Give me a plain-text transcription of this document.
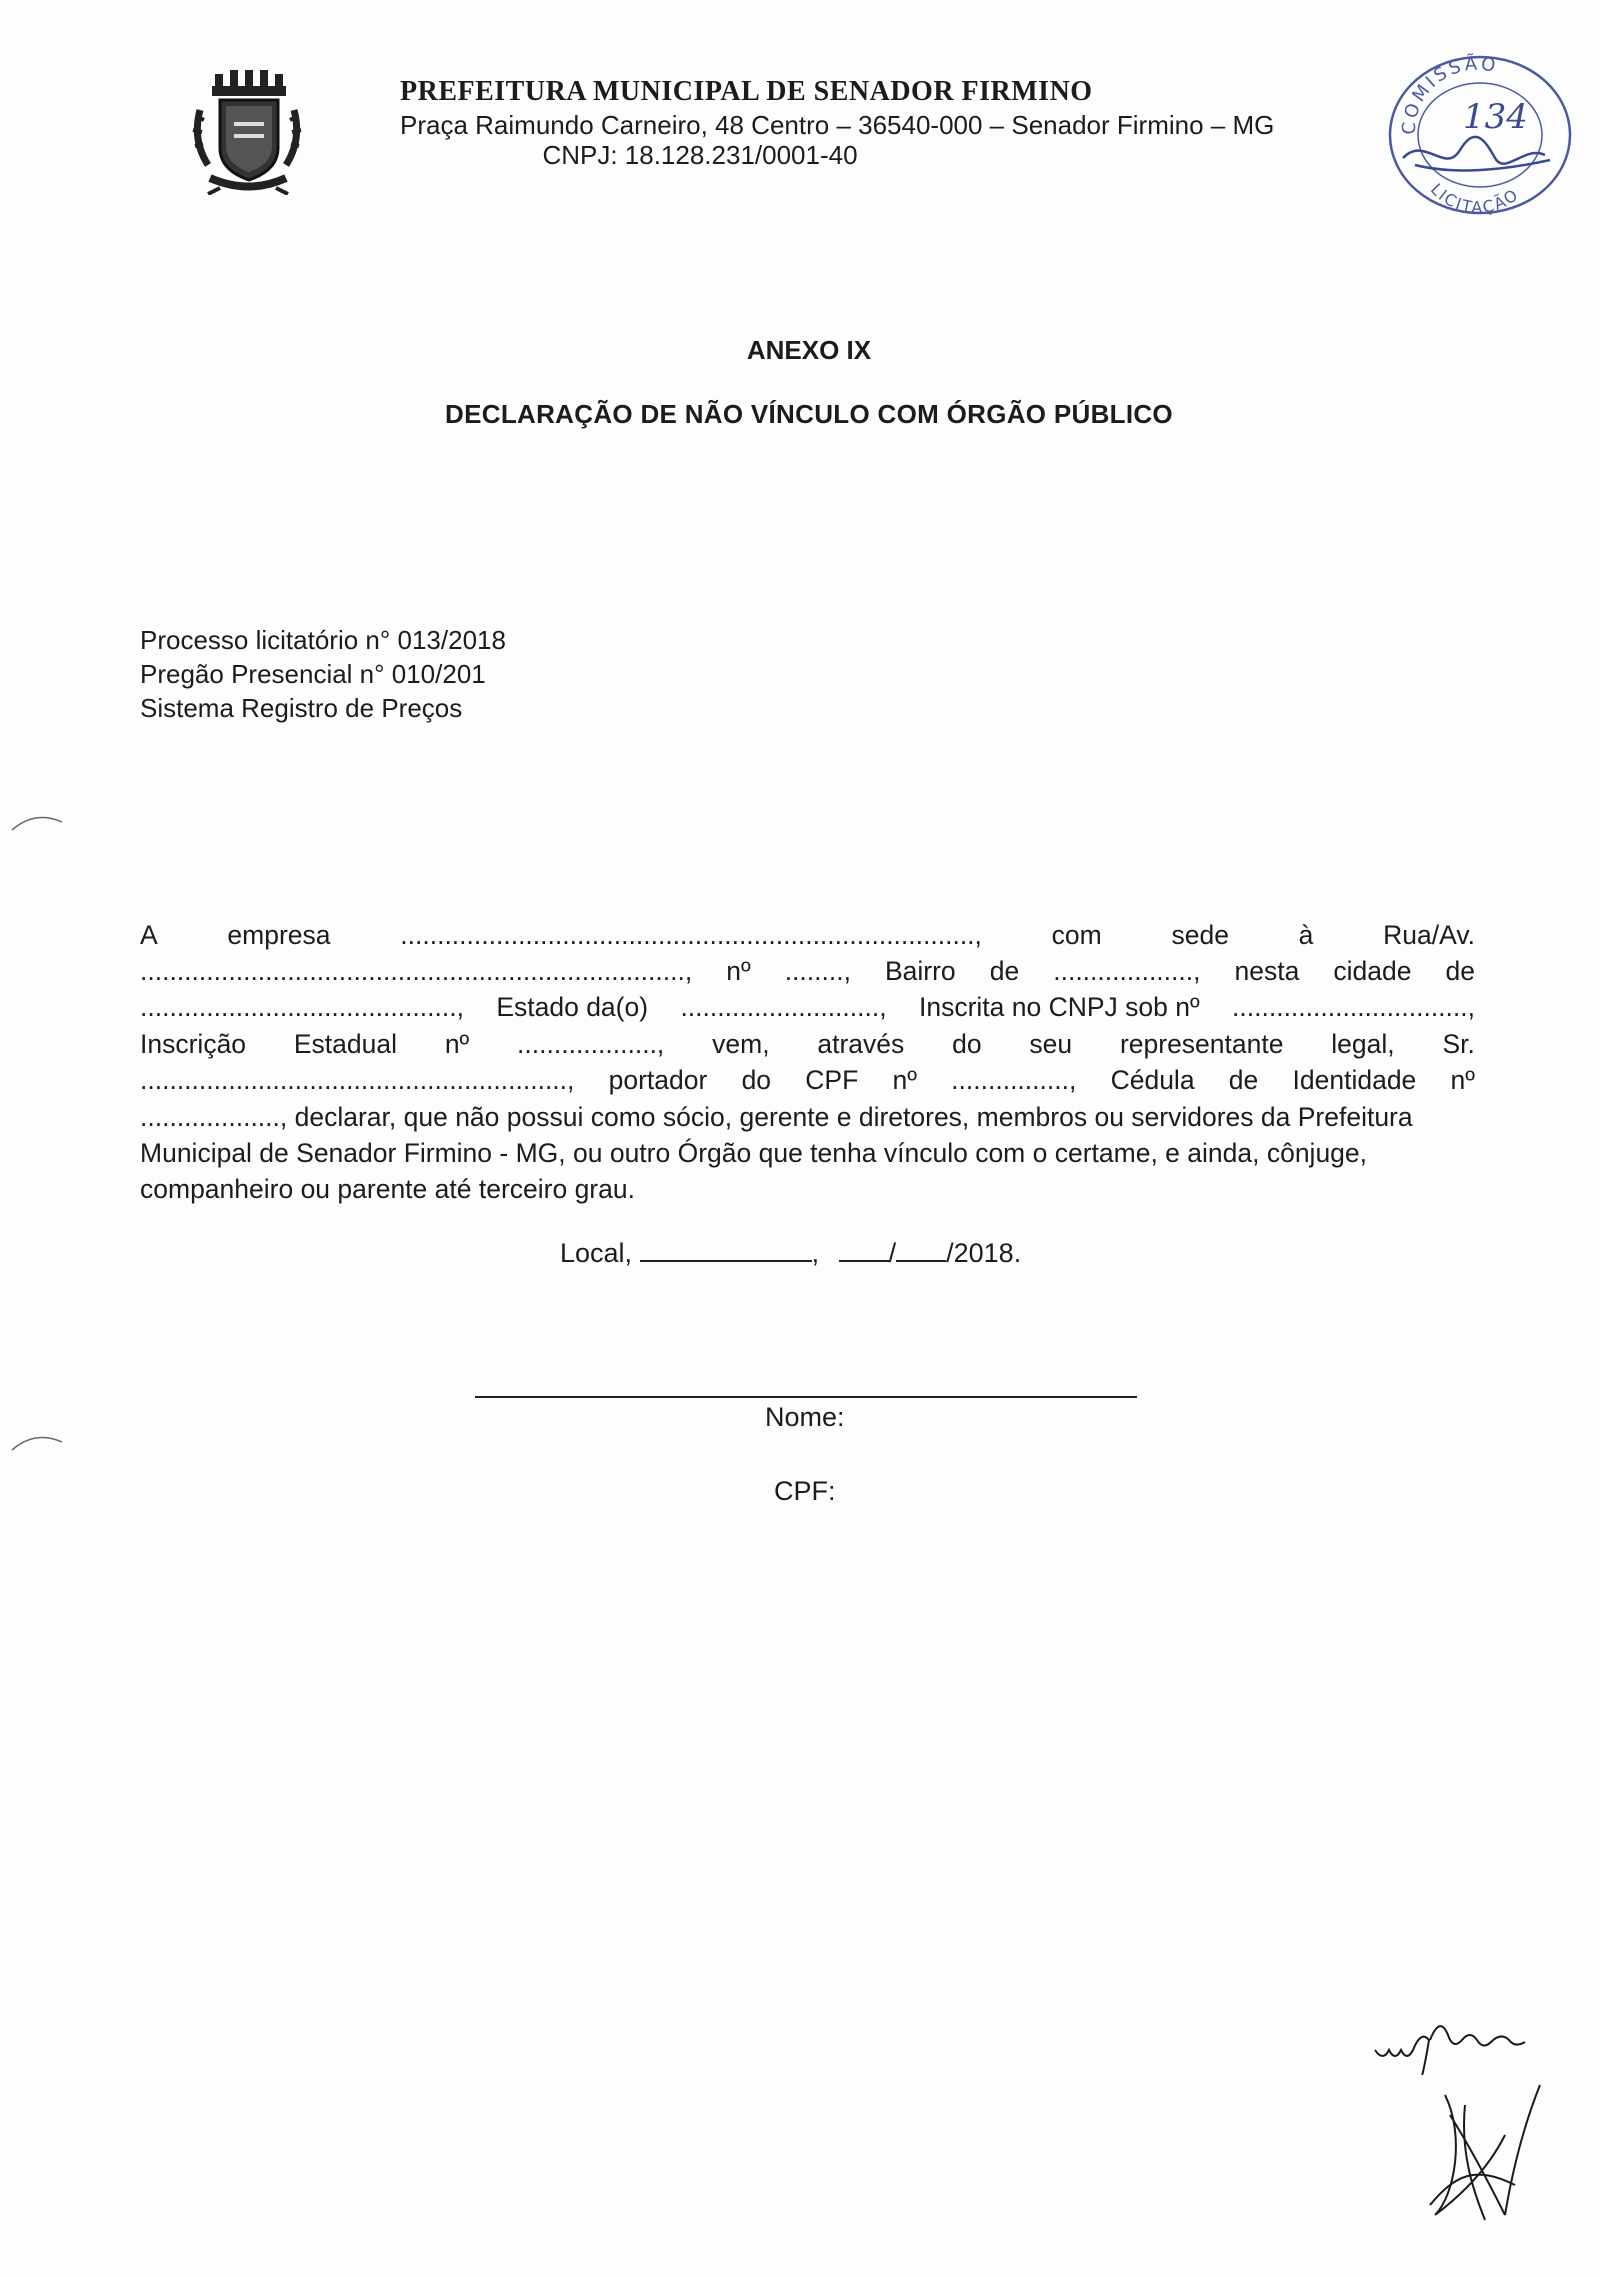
PREFEITURA MUNICIPAL DE SENADOR FIRMINO
Praça Raimundo Carneiro, 48 Centro – 36540-000 – Senador Firmino – MG
CNPJ: 18.128.231/0001-40
COMISSÃO
LICITAÇÃO
134
ANEXO IX
DECLARAÇÃO DE NÃO VÍNCULO COM ÓRGÃO PÚBLICO
Processo licitatório n° 013/2018
Pregão Presencial n° 010/201
Sistema Registro de Preços
A	empresa	..............................................................................,	com	sede	à	Rua/Av.
.........................................................................., nº ........, Bairro de ..................., nesta cidade de
..........................................., Estado da(o) ..........................., Inscrita no CNPJ sob nº ................................,
Inscrição Estadual nº ..................., vem, através do seu representante legal, Sr.
.........................................................., portador do CPF nº ................, Cédula de Identidade nº
..................., declarar, que não possui como sócio, gerente e diretores, membros ou servidores da Prefeitura
Municipal de Senador Firmino - MG, ou outro Órgão que tenha vínculo com o certame, e ainda, cônjuge,
companheiro ou parente até terceiro grau.
Local,	,	/ /2018.
Nome:
CPF:
